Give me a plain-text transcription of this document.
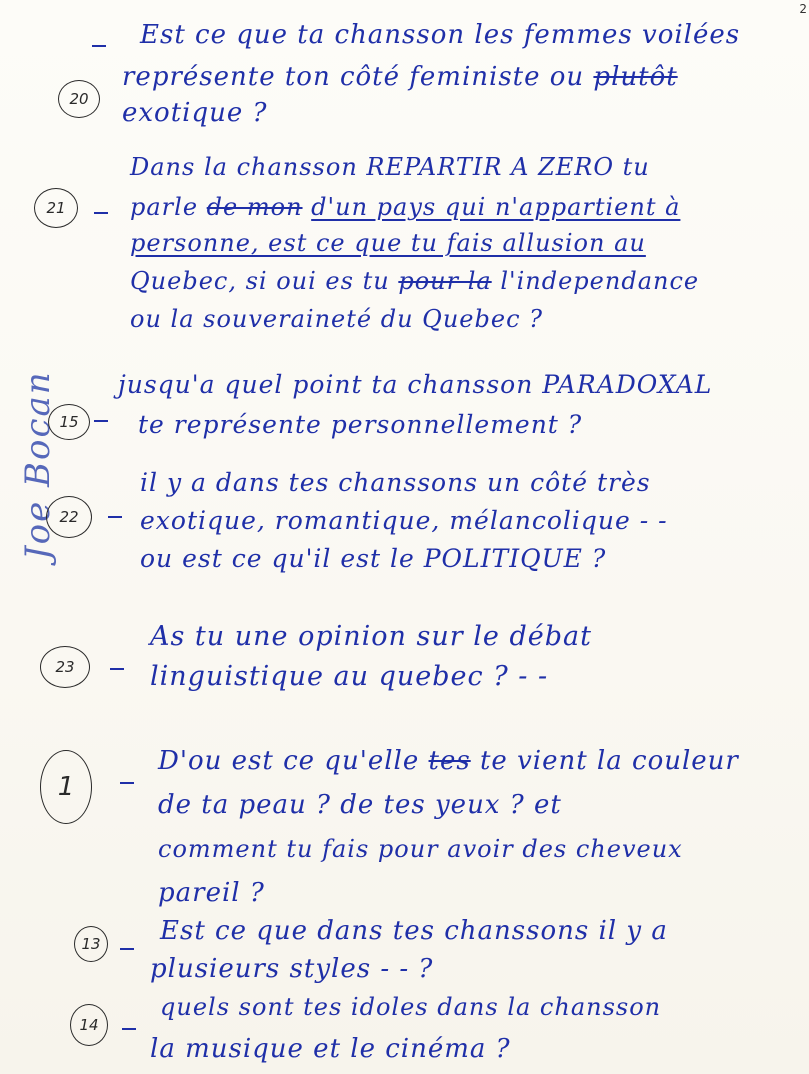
2
Joe Bocan
Est ce que ta chansson les femmes voilées
représente ton côté feministe ou plutôt
20	exotique ?
Dans la chansson REPARTIR A ZERO tu
21	parle de mon d'un pays qui n'appartient à
personne, est ce que tu fais allusion au
Quebec, si oui es tu pour la l'independance
ou la souveraineté du Quebec ?
15
jusqu'a quel point ta chansson PARADOXAL
te représente personnellement ?
22
il y a dans tes chanssons un côté très
exotique, romantique, mélancolique - -
ou est ce qu'il est le POLITIQUE ?
23
As tu une opinion sur le débat
linguistique au quebec ? - -
1
D'ou est ce qu'elle tes te vient la couleur
de ta peau ? de tes yeux ? et
comment tu fais pour avoir des cheveux
pareil ?
13 Est ce que dans tes chanssons il y a
plusieurs styles - - ?
14
quels sont tes idoles dans la chansson
la musique et le cinéma ?
